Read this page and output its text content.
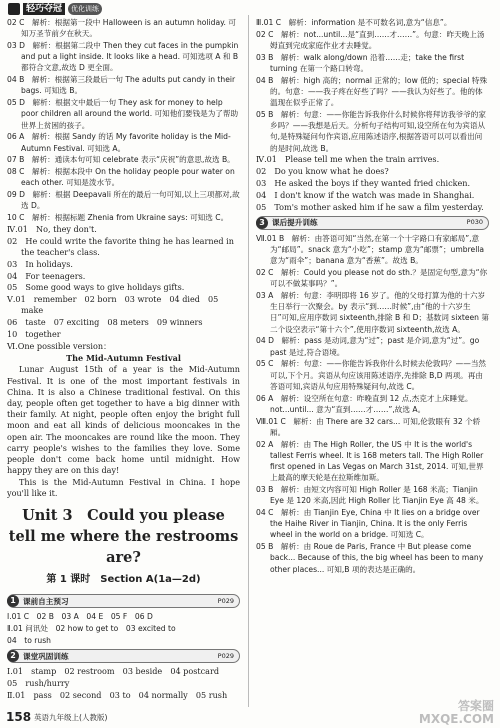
轻巧夺冠	优化训练

02 C　解析：根据第一段中 Halloween is an autumn holiday. 可知万圣节前夕在秋天。

03 D　解析：根据第二段中 Then they cut faces in the pumpkin and put a light inside. It looks like a head. 可知选项 A 和 B 都符合文意,故选 D 更全面。

04 B　解析：根据第三段最后一句 The adults put candy in their bags. 可知选 B。

05 D　解析：根据文中最后一句 They ask for money to help poor children all around the world. 可知他们要钱是为了帮助世界上贫困的孩子。

06 A　解析：根据 Sandy 的话 My favorite holiday is the Mid-Autumn Festival. 可知选 A。

07 B　解析：通读本句可知 celebrate 表示“庆祝”的意思,故选 B。

08 C　解析：根据本段中 On the holiday people pour water on each other. 可知是泼水节。

09 D　解析：根据 Deepavali 所在的最后一句可知,以上三项都对,故选 D。

10 C　解析：根据标题 Zhenia from Ukraine says: 可知选 C。

Ⅳ.01　No, they don't.

02　He could write the favorite thing he has learned in the teacher's class.

03　In holidays.

04　For teenagers.

05　Some good ways to give holidays gifts.

Ⅴ.01　remember　02 born　03 wrote　04 died　05 make

06　taste　07 exciting　08 meters　09 winners

10　together

Ⅵ.One possible version：

The Mid-Autumn Festival

Lunar August 15th of a year is the Mid-Autumn Festival. It is one of the most important festivals in China. It is also a Chinese traditional festival. On this day, people often get together to have a big dinner with their family. At night, people often enjoy the bright full moon and eat all kinds of delicious mooncakes in the open air. The mooncakes are round like the moon. They carry people's wishes to the families they love. Some people don't come back home until midnight. How happy they are on this day!

This is the Mid-Autumn Festival in China. I hope you'll like it.

Unit 3　Could you please tell me where the restrooms are?
第 1 课时　Section A(1a—2d)
1 课前自主预习	P029

Ⅰ.01 C　02 B　03 A　04 E　05 F　06 D

Ⅱ.01 问讯处　02 how to get to　03 excited to

04　to rush

2 课堂巩固训练	P029

Ⅰ.01　stamp　02 restroom　03 beside　04 postcard

05　rush/hurry

Ⅱ.01　pass　02 second　03 to　04 normally　05 rush

Ⅲ.01 C　解析：information 是不可数名词,意为“信息”。

02 C　解析：not...until...是“直到……才……”。句意：昨天晚上汤姆直到完成家庭作业才去睡觉。

03 B　解析：walk along/down 沿着……走；take the first turning 在第一个路口转弯。

04 B　解析：high 高的；normal 正常的；low 低的；special 特殊的。句意：——我子疼在好些了吗？——我认为好些了。他的体温现在似乎正常了。

05 B　解析：句意：——你能告诉我你什么时候你将拜访我爷爷的家乡吗？——我想是后天。分析句子结构可知,设空所在句为宾语从句,是特殊疑问句作宾语,应用陈述语序,根据答语可以可以看出问的是时间,故选 B。

Ⅳ.01　Please tell me when the train arrives.

02　Do you know what he does?

03　He asked the boys if they wanted fried chicken.

04　I don't know if the watch was made in Shanghai.

05　Tom's mother asked him if he saw a film yesterday.

3 课后提升训练	P030

Ⅶ.01 B　解析：由答语可知“当然,在第一个十字路口有家邮局”,意为“邮局”。snack 意为“小吃”；stamp 意为“邮票”；umbrella 意为“雨伞”；banana 意为“香蕉”。故选 B。

02 C　解析：Could you please not do sth.？是固定句型,意为“你可以不做某事吗？”。

03 A　解析：句意：李明即将 16 岁了。他的父母打算为他的十六岁生日举行一次聚会。by 表示“到……时候”,由“他的十六岁生日”可知,应用序数词 sixteenth,排除 B 和 D；基数词 sixteen 第二个设空表示“第十六个”,使用序数词 sixteenth,故选 A。

04 D　解析：pass 是动词,意为“过”；past 是介词,意为“过”。go past 是过,符合语境。

05 C　解析：句意：——你能告诉我你什么时候去伦敦吗？——当然可以,下个月。宾语从句应该用陈述语序,先排除 B,D 两项。再由答语可知,宾语从句应用特殊疑问句,故选 C。

06 A　解析：设空所在句意：昨晚直到 12 点,杰克才上床睡觉。not...until... 意为“直到……才……”,故选 A。

Ⅷ.01 C　解析：由 There are 32 cars... 可知,伦敦眼有 32 个轿厢。

02 A　解析：由 The High Roller, the US 中 It is the world's tallest Ferris wheel. It is 168 meters tall. The High Roller first opened in Las Vegas on March 31st, 2014. 可知,世界上最高的摩天轮是在拉斯维加斯。

03 B　解析：由短文内容可知 High Roller 是 168 米高；Tianjin Eye 是 120 米高,因此 High Roller 比 Tianjin Eye 高 48 米。

04 C　解析：由 Tianjin Eye, China 中 It lies on a bridge over the Haihe River in Tianjin, China. It is the only Ferris wheel in the world on a bridge. 可知选 C。

05 B　解析：由 Roue de Paris, France 中 But please come back... Because of this, the big wheel has been to many other places... 可知,B 项的表达是正确的。

158 英语九年级上(人教版)
答案圈
MXQE.COM
